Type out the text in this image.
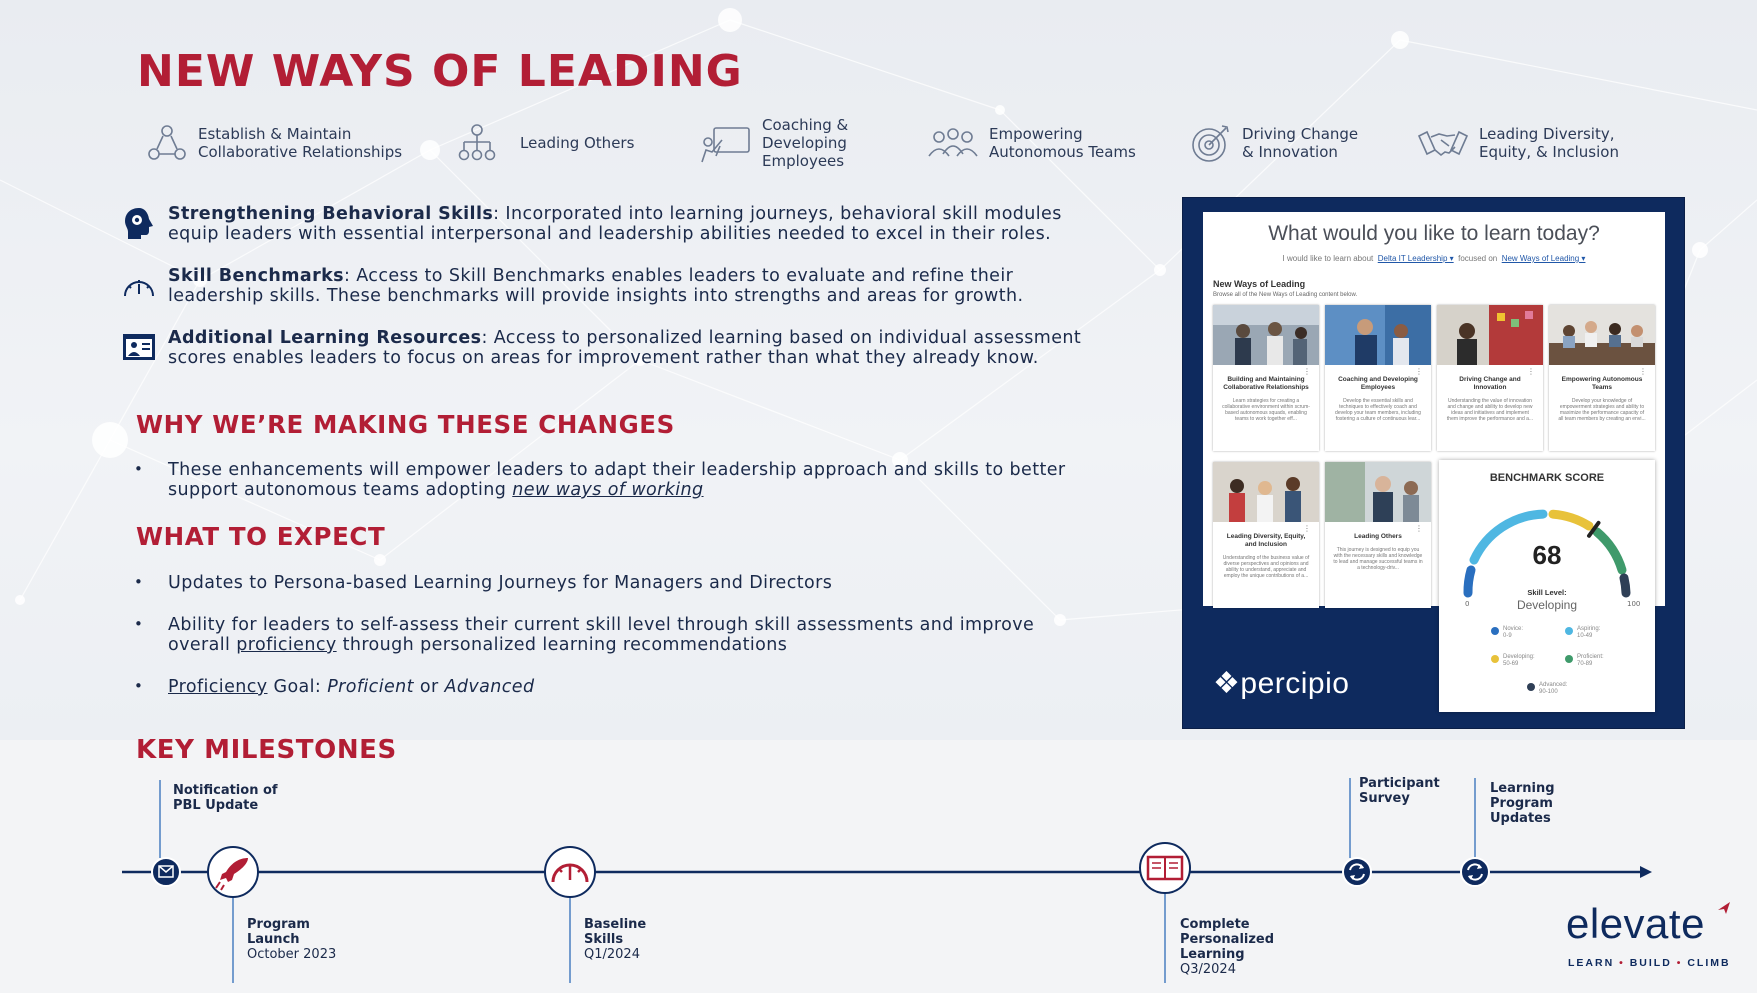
NEW WAYS OF LEADING
Establish & Maintain
Collaborative Relationships	Leading Others
Coaching &
Developing
Employees
Empowering
Autonomous Teams
Driving Change
& Innovation
Leading Diversity,
Equity, & Inclusion
Strengthening Behavioral Skills: Incorporated into learning journeys, behavioral skill modules equip leaders with essential interpersonal and leadership abilities needed to excel in their roles.
Skill Benchmarks: Access to Skill Benchmarks enables leaders to evaluate and refine their leadership skills. These benchmarks will provide insights into strengths and areas for growth.
Additional Learning Resources: Access to personalized learning based on individual assessment scores enables leaders to focus on areas for improvement rather than what they already know.
WHY WE’RE MAKING THESE CHANGES
• These enhancements will empower leaders to adapt their leadership approach and skills to better support autonomous teams adopting new ways of working
WHAT TO EXPECT
• Updates to Persona-based Learning Journeys for Managers and Directors
• Ability for leaders to self-assess their current skill level through skill assessments and improve overall proficiency through personalized learning recommendations
• Proficiency Goal: Proficient or Advanced
What would you like to learn today?
I would like to learn about Delta IT Leadership ▾ focused on New Ways of Leading ▾
New Ways of Leading
Browse all of the New Ways of Leading content below.
⋮
Building and Maintaining Collaborative Relationships
Learn strategies for creating a collaborative environment within scrum-based autonomous squads, enabling teams to work together eff...
⋮
Coaching and Developing Employees
Develop the essential skills and techniques to effectively coach and develop your team members, including fostering a culture of continuous lear...
⋮
Driving Change and Innovation
Understanding the value of innovation and change and ability to develop new ideas and initiatives and implement them improve the performance and a...
⋮
Empowering Autonomous Teams
Develop your knowledge of empowerment strategies and ability to maximize the performance capacity of all team members by creating an envi...
⋮
Leading Diversity, Equity, and Inclusion
Understanding of the business value of diverse perspectives and opinions and ability to understand, appreciate and employ the unique contributions of a...
⋮
Leading Others
This journey is designed to equip you with the necessary skills and knowledge to lead and manage successful teams in a technology-driv...
BENCHMARK SCORE
68
Skill Level:
Developing
0	100
Novice:
0-9
Aspiring:
10-49
Developing:
50-69
Proficient:
70-89
Advanced:
90-100
❖percipio
KEY MILESTONES
Notification of
PBL Update
Program
Launch
October 2023
Baseline
Skills
Q1/2024
Complete
Personalized
Learning
Q3/2024
Participant
Survey
Learning
Program
Updates
elevate
LEARN • BUILD • CLIMB
